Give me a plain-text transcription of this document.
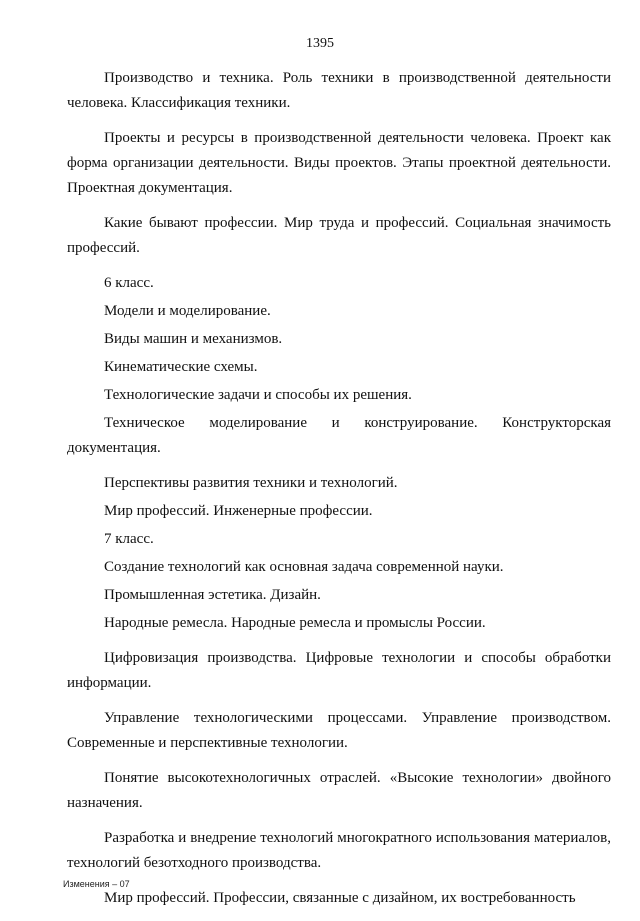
1395

Производство и техника. Роль техники в производственной деятельности человека. Классификация техники.

Проекты и ресурсы в производственной деятельности человека. Проект как форма организации деятельности. Виды проектов. Этапы проектной деятельности. Проектная документация.

Какие бывают профессии. Мир труда и профессий. Социальная значимость профессий.

6 класс.

Модели и моделирование.

Виды машин и механизмов.

Кинематические схемы.

Технологические задачи и способы их решения.

Техническое моделирование и конструирование. Конструкторская документация.

Перспективы развития техники и технологий.

Мир профессий. Инженерные профессии.

7 класс.

Создание технологий как основная задача современной науки.

Промышленная эстетика. Дизайн.

Народные ремесла. Народные ремесла и промыслы России.

Цифровизация производства. Цифровые технологии и способы обработки информации.

Управление технологическими процессами. Управление производством. Современные и перспективные технологии.

Понятие высокотехнологичных отраслей. «Высокие технологии» двойного назначения.

Разработка и внедрение технологий многократного использования материалов, технологий безотходного производства.

Мир профессий. Профессии, связанные с дизайном, их востребованность

Изменения – 07
